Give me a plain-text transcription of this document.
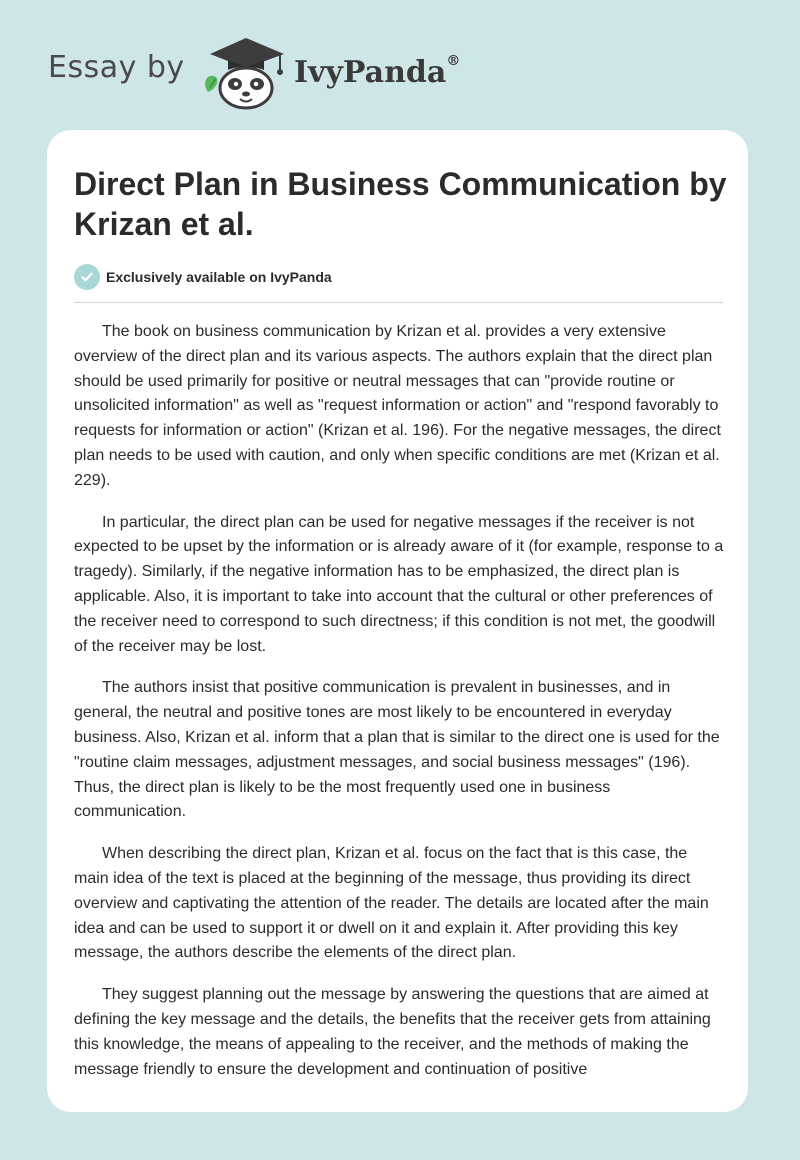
Essay by	IvyPanda®
Direct Plan in Business Communication by Krizan et al.
Exclusively available on IvyPanda

The book on business communication by Krizan et al. provides a very extensive overview of the direct plan and its various aspects. The authors explain that the direct plan should be used primarily for positive or neutral messages that can "provide routine or unsolicited information" as well as "request information or action" and "respond favorably to requests for information or action" (Krizan et al. 196). For the negative messages, the direct plan needs to be used with caution, and only when specific conditions are met (Krizan et al. 229).

In particular, the direct plan can be used for negative messages if the receiver is not expected to be upset by the information or is already aware of it (for example, response to a tragedy). Similarly, if the negative information has to be emphasized, the direct plan is applicable. Also, it is important to take into account that the cultural or other preferences of the receiver need to correspond to such directness; if this condition is not met, the goodwill of the receiver may be lost.

The authors insist that positive communication is prevalent in businesses, and in general, the neutral and positive tones are most likely to be encountered in everyday business. Also, Krizan et al. inform that a plan that is similar to the direct one is used for the "routine claim messages, adjustment messages, and social business messages" (196). Thus, the direct plan is likely to be the most frequently used one in business communication.

When describing the direct plan, Krizan et al. focus on the fact that is this case, the main idea of the text is placed at the beginning of the message, thus providing its direct overview and captivating the attention of the reader. The details are located after the main idea and can be used to support it or dwell on it and explain it. After providing this key message, the authors describe the elements of the direct plan.

They suggest planning out the message by answering the questions that are aimed at defining the key message and the details, the benefits that the receiver gets from attaining this knowledge, the means of appealing to the receiver, and the methods of making the message friendly to ensure the development and continuation of positive
